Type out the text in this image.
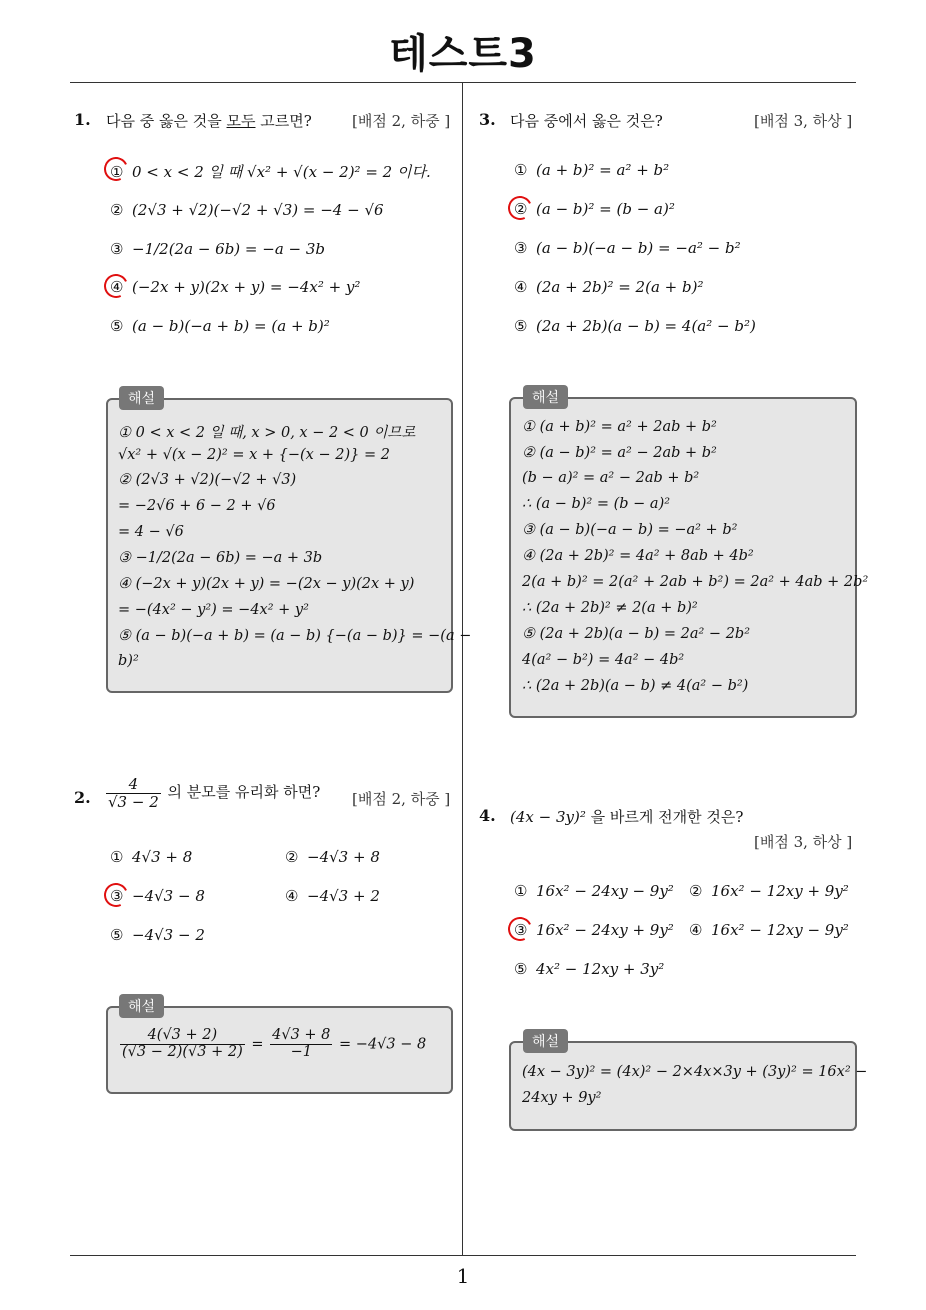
테스트3
1
1. 다음 중 옳은 것을 모두 고르면?	[배점 2, 하중 ]
① 0 < x < 2 일 때 √x² + √(x − 2)² = 2 이다.
② (2√3 + √2)(−√2 + √3) = −4 − √6
③ −1/2(2a − 6b) = −a − 3b
④ (−2x + y)(2x + y) = −4x² + y²
⑤ (a − b)(−a + b) = (a + b)²
해설
① 0 < x < 2 일 때, x > 0, x − 2 < 0 이므로
√x² + √(x − 2)² = x + {−(x − 2)} = 2
② (2√3 + √2)(−√2 + √3)
= −2√6 + 6 − 2 + √6
= 4 − √6
③ −1/2(2a − 6b) = −a + 3b
④ (−2x + y)(2x + y) = −(2x − y)(2x + y)
= −(4x² − y²) = −4x² + y²
⑤ (a − b)(−a + b) = (a − b) {−(a − b)} = −(a −
b)²
2. $\frac{4}{√3 - 2}$ 의 분모를 유리화 하면? [배점 2, 하중 ]
① 4√3 + 8	② −4√3 + 8
③ −4√3 − 8	④ −4√3 + 2
⑤ −4√3 − 2
해설
$\frac{4(√3 + 2)}{(√3 - 2)(√3 + 2)} = \frac{4√3 + 8}{-1} = -4√3 - 8$
3. 다음 중에서 옳은 것은?	[배점 3, 하상 ]
① (a + b)² = a² + b²
② (a − b)² = (b − a)²
③ (a − b)(−a − b) = −a² − b²
④ (2a + 2b)² = 2(a + b)²
⑤ (2a + 2b)(a − b) = 4(a² − b²)
해설
① (a + b)² = a² + 2ab + b²
② (a − b)² = a² − 2ab + b²
(b − a)² = a² − 2ab + b²
∴ (a − b)² = (b − a)²
③ (a − b)(−a − b) = −a² + b²
④ (2a + 2b)² = 4a² + 8ab + 4b²
2(a + b)² = 2(a² + 2ab + b²) = 2a² + 4ab + 2b²
∴ (2a + 2b)² ≠ 2(a + b)²
⑤ (2a + 2b)(a − b) = 2a² − 2b²
4(a² − b²) = 4a² − 4b²
∴ (2a + 2b)(a − b) ≠ 4(a² − b²)
4. (4x − 3y)² 을 바르게 전개한 것은?
[배점 3, 하상 ]
① 16x² − 24xy − 9y² ② 16x² − 12xy + 9y²
③ 16x² − 24xy + 9y² ④ 16x² − 12xy − 9y²
⑤ 4x² − 12xy + 3y²
해설
(4x − 3y)² = (4x)² − 2×4x×3y + (3y)² = 16x² −
24xy + 9y²
